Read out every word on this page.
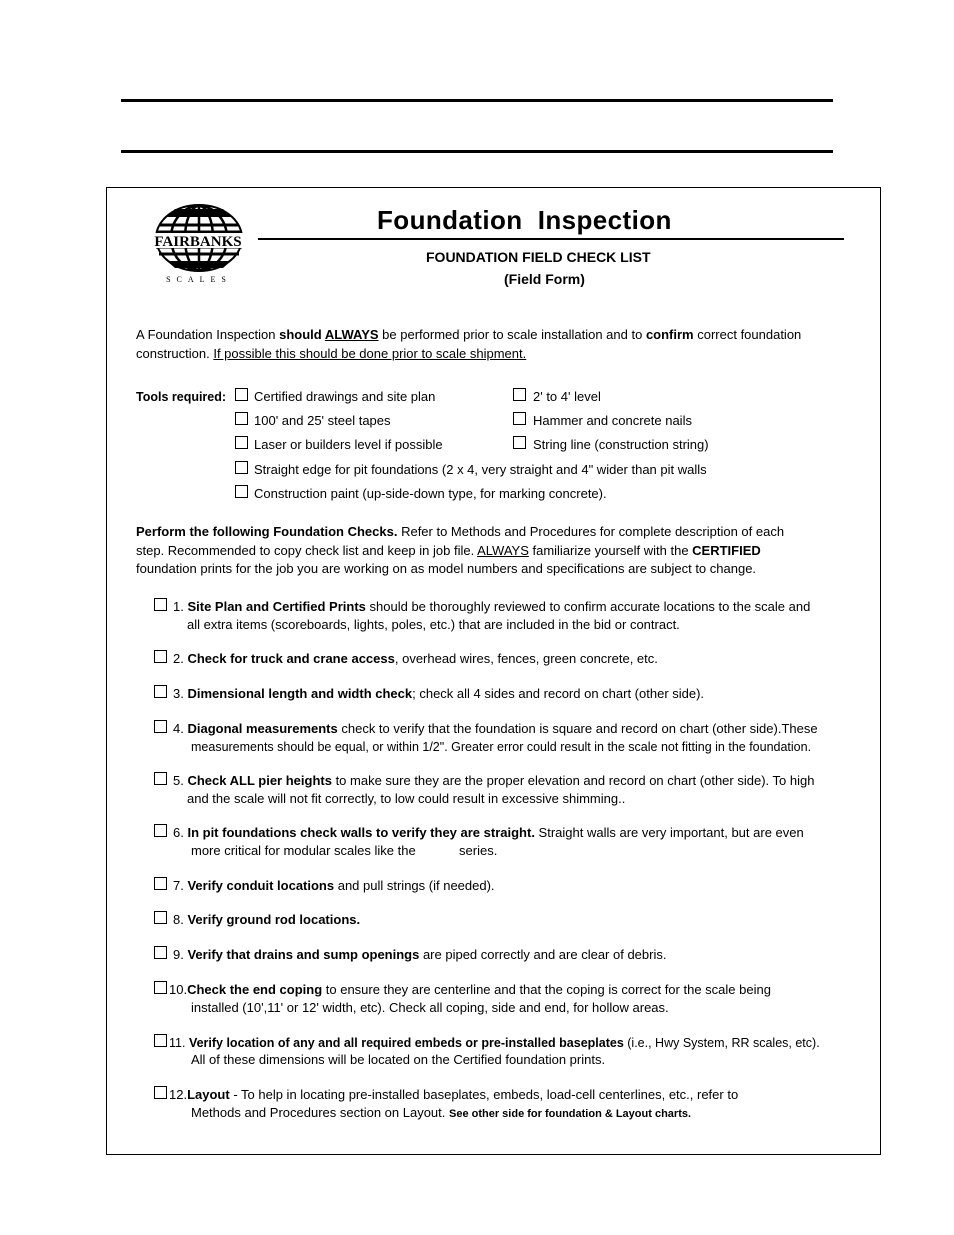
FAIRBANKS
SCALES
Foundation  Inspection
FOUNDATION FIELD CHECK LIST
(Field Form)
A Foundation Inspection should ALWAYS be performed prior to scale installation and to confirm correct foundation
construction. If possible this should be done prior to scale shipment.
Tools required: Certified drawings and site plan	2' to 4' level
100' and 25' steel tapes	Hammer and concrete nails
Laser or builders level if possible	String line (construction string)
Straight edge for pit foundations (2 x 4, very straight and 4" wider than pit walls
Construction paint (up-side-down type, for marking concrete).
Perform the following Foundation Checks. Refer to Methods and Procedures for complete description of each
step. Recommended to copy check list and keep in job file. ALWAYS familiarize yourself with the CERTIFIED
foundation prints for the job you are working on as model numbers and specifications are subject to change.
1. Site Plan and Certified Prints should be thoroughly reviewed to confirm accurate locations to the scale and
all extra items (scoreboards, lights, poles, etc.) that are included in the bid or contract.
2. Check for truck and crane access, overhead wires, fences, green concrete, etc.
3. Dimensional length and width check; check all 4 sides and record on chart (other side).
4. Diagonal measurements check to verify that the foundation is square and record on chart (other side).These
measurements should be equal, or within 1/2". Greater error could result in the scale not fitting in the foundation.
5. Check ALL pier heights to make sure they are the proper elevation and record on chart (other side). To high
and the scale will not fit correctly, to low could result in excessive shimming..
6. In pit foundations check walls to verify they are straight. Straight walls are very important, but are even
more critical for modular scales like the            series.
7. Verify conduit locations and pull strings (if needed).
8. Verify ground rod locations.
9. Verify that drains and sump openings are piped correctly and are clear of debris.
10.Check the end coping to ensure they are centerline and that the coping is correct for the scale being
installed (10',11' or 12' width, etc). Check all coping, side and end, for hollow areas.
11. Verify location of any and all required embeds or pre-installed baseplates (i.e., Hwy System, RR scales, etc).
All of these dimensions will be located on the Certified foundation prints.
12.Layout - To help in locating pre-installed baseplates, embeds, load-cell centerlines, etc., refer to
Methods and Procedures section on Layout. See other side for foundation & Layout charts.
